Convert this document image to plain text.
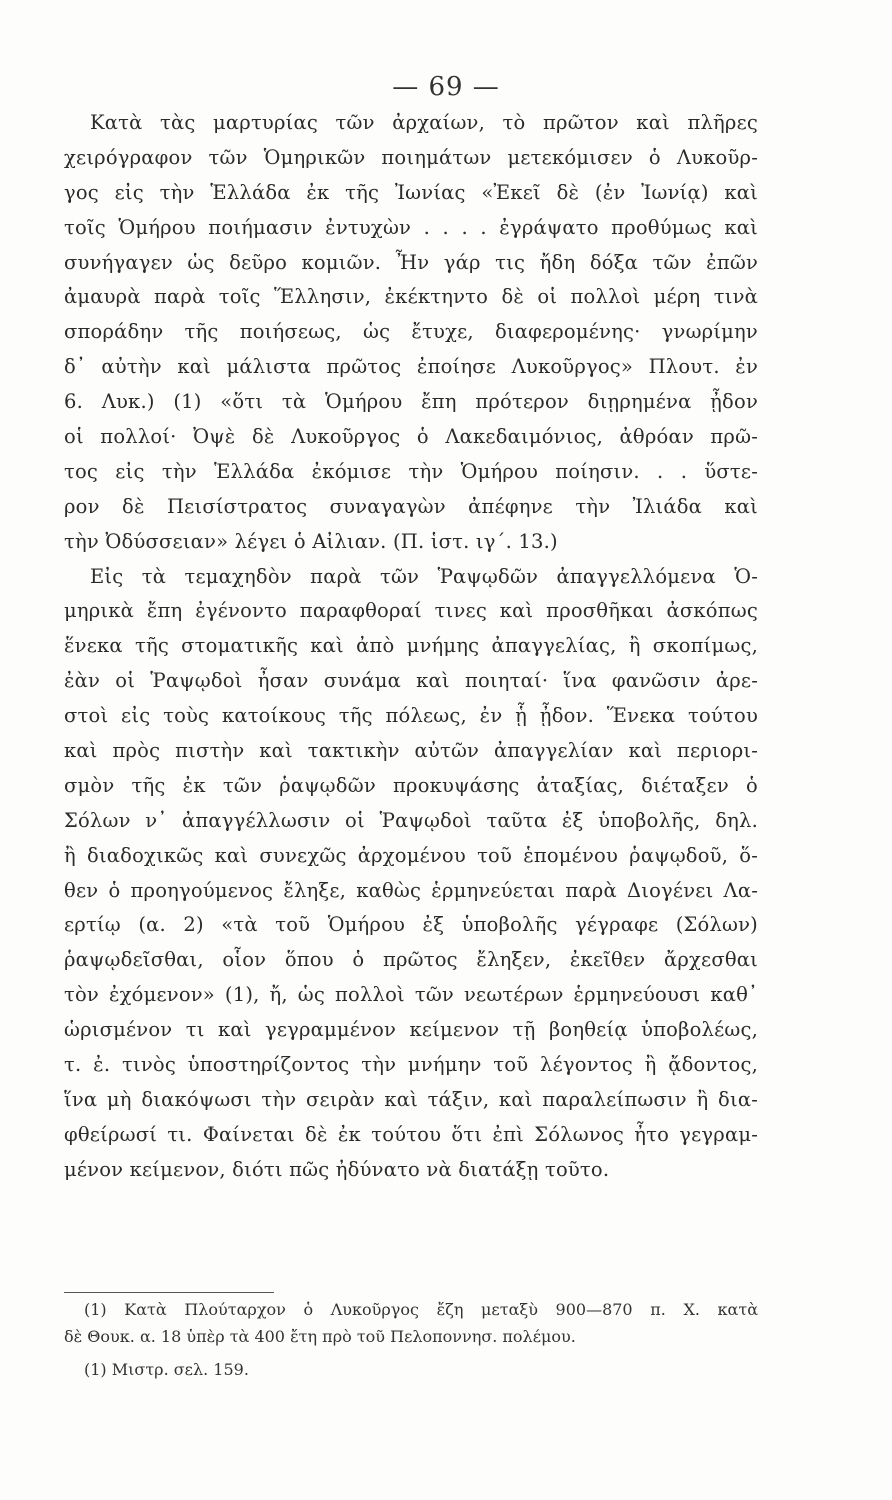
— 69 —
Κατὰ τὰς μαρτυρίας τῶν ἀρχαίων, τὸ πρῶτον καὶ πλῆρες
χειρόγραφον τῶν Ὁμηρικῶν ποιημάτων μετεκόμισεν ὁ Λυκοῦρ-
γος εἰς τὴν Ἑλλάδα ἐκ τῆς Ἰωνίας «Ἐκεῖ δὲ (ἐν Ἰωνίᾳ) καὶ
τοῖς Ὁμήρου ποιήμασιν ἐντυχὼν . . . . ἐγράψατο προθύμως καὶ
συνήγαγεν ὡς δεῦρο κομιῶν. Ἦν γάρ τις ἤδη δόξα τῶν ἐπῶν
ἀμαυρὰ παρὰ τοῖς Ἕλλησιν, ἐκέκτηντο δὲ οἱ πολλοὶ μέρη τινὰ
σποράδην τῆς ποιήσεως, ὡς ἔτυχε, διαφερομένης· γνωρίμην
δ᾽ αὐτὴν καὶ μάλιστα πρῶτος ἐποίησε Λυκοῦργος» Πλουτ. ἐν
6. Λυκ.) (1) «ὅτι τὰ Ὁμήρου ἔπη πρότερον διῃρημένα ᾖδον
οἱ πολλοί· Ὀψὲ δὲ Λυκοῦργος ὁ Λακεδαιμόνιος, ἀθρόαν πρῶ-
τος εἰς τὴν Ἑλλάδα ἐκόμισε τὴν Ὁμήρου ποίησιν. . . ὕστε-
ρον δὲ Πεισίστρατος συναγαγὼν ἀπέφηνε τὴν Ἰλιάδα καὶ
τὴν Ὀδύσσειαν» λέγει ὁ Αἰλιαν. (Π. ἱστ. ιγ΄. 13.)
Εἰς τὰ τεμαχηδὸν παρὰ τῶν Ῥαψῳδῶν ἀπαγγελλόμενα Ὁ-
μηρικὰ ἔπη ἐγένοντο παραφθοραί τινες καὶ προσθῆκαι ἀσκόπως
ἕνεκα τῆς στοματικῆς καὶ ἀπὸ μνήμης ἀπαγγελίας, ἢ σκοπίμως,
ἐὰν οἱ Ῥαψῳδοὶ ἦσαν συνάμα καὶ ποιηταί· ἵνα φανῶσιν ἀρε-
στοὶ εἰς τοὺς κατοίκους τῆς πόλεως, ἐν ᾗ ᾖδον. Ἕνεκα τούτου
καὶ πρὸς πιστὴν καὶ τακτικὴν αὐτῶν ἀπαγγελίαν καὶ περιορι-
σμὸν τῆς ἐκ τῶν ῥαψῳδῶν προκυψάσης ἀταξίας, διέταξεν ὁ
Σόλων ν᾽ ἀπαγγέλλωσιν οἱ Ῥαψῳδοὶ ταῦτα ἐξ ὑποβολῆς, δηλ.
ἢ διαδοχικῶς καὶ συνεχῶς ἀρχομένου τοῦ ἑπομένου ῥαψῳδοῦ, ὅ-
θεν ὁ προηγούμενος ἔληξε, καθὼς ἑρμηνεύεται παρὰ Διογένει Λα-
ερτίῳ (α. 2) «τὰ τοῦ Ὁμήρου ἐξ ὑποβολῆς γέγραφε (Σόλων)
ῥαψῳδεῖσθαι, οἷον ὅπου ὁ πρῶτος ἔληξεν, ἐκεῖθεν ἄρχεσθαι
τὸν ἐχόμενον» (1), ἤ, ὡς πολλοὶ τῶν νεωτέρων ἑρμηνεύουσι καθ᾽
ὡρισμένον τι καὶ γεγραμμένον κείμενον τῇ βοηθείᾳ ὑποβολέως,
τ. ἐ. τινὸς ὑποστηρίζοντος τὴν μνήμην τοῦ λέγοντος ἢ ᾄδοντος,
ἵνα μὴ διακόψωσι τὴν σειρὰν καὶ τάξιν, καὶ παραλείπωσιν ἢ δια-
φθείρωσί τι. Φαίνεται δὲ ἐκ τούτου ὅτι ἐπὶ Σόλωνος ἦτο γεγραμ-
μένον κείμενον, διότι πῶς ἠδύνατο νὰ διατάξῃ τοῦτο.
(1) Κατὰ Πλούταρχον ὁ Λυκοῦργος ἔζη μεταξὺ 900—870 π. Χ. κατὰ
δὲ Θουκ. α. 18 ὑπὲρ τὰ 400 ἔτη πρὸ τοῦ Πελοποννησ. πολέμου.
(1) Μιστρ. σελ. 159.
